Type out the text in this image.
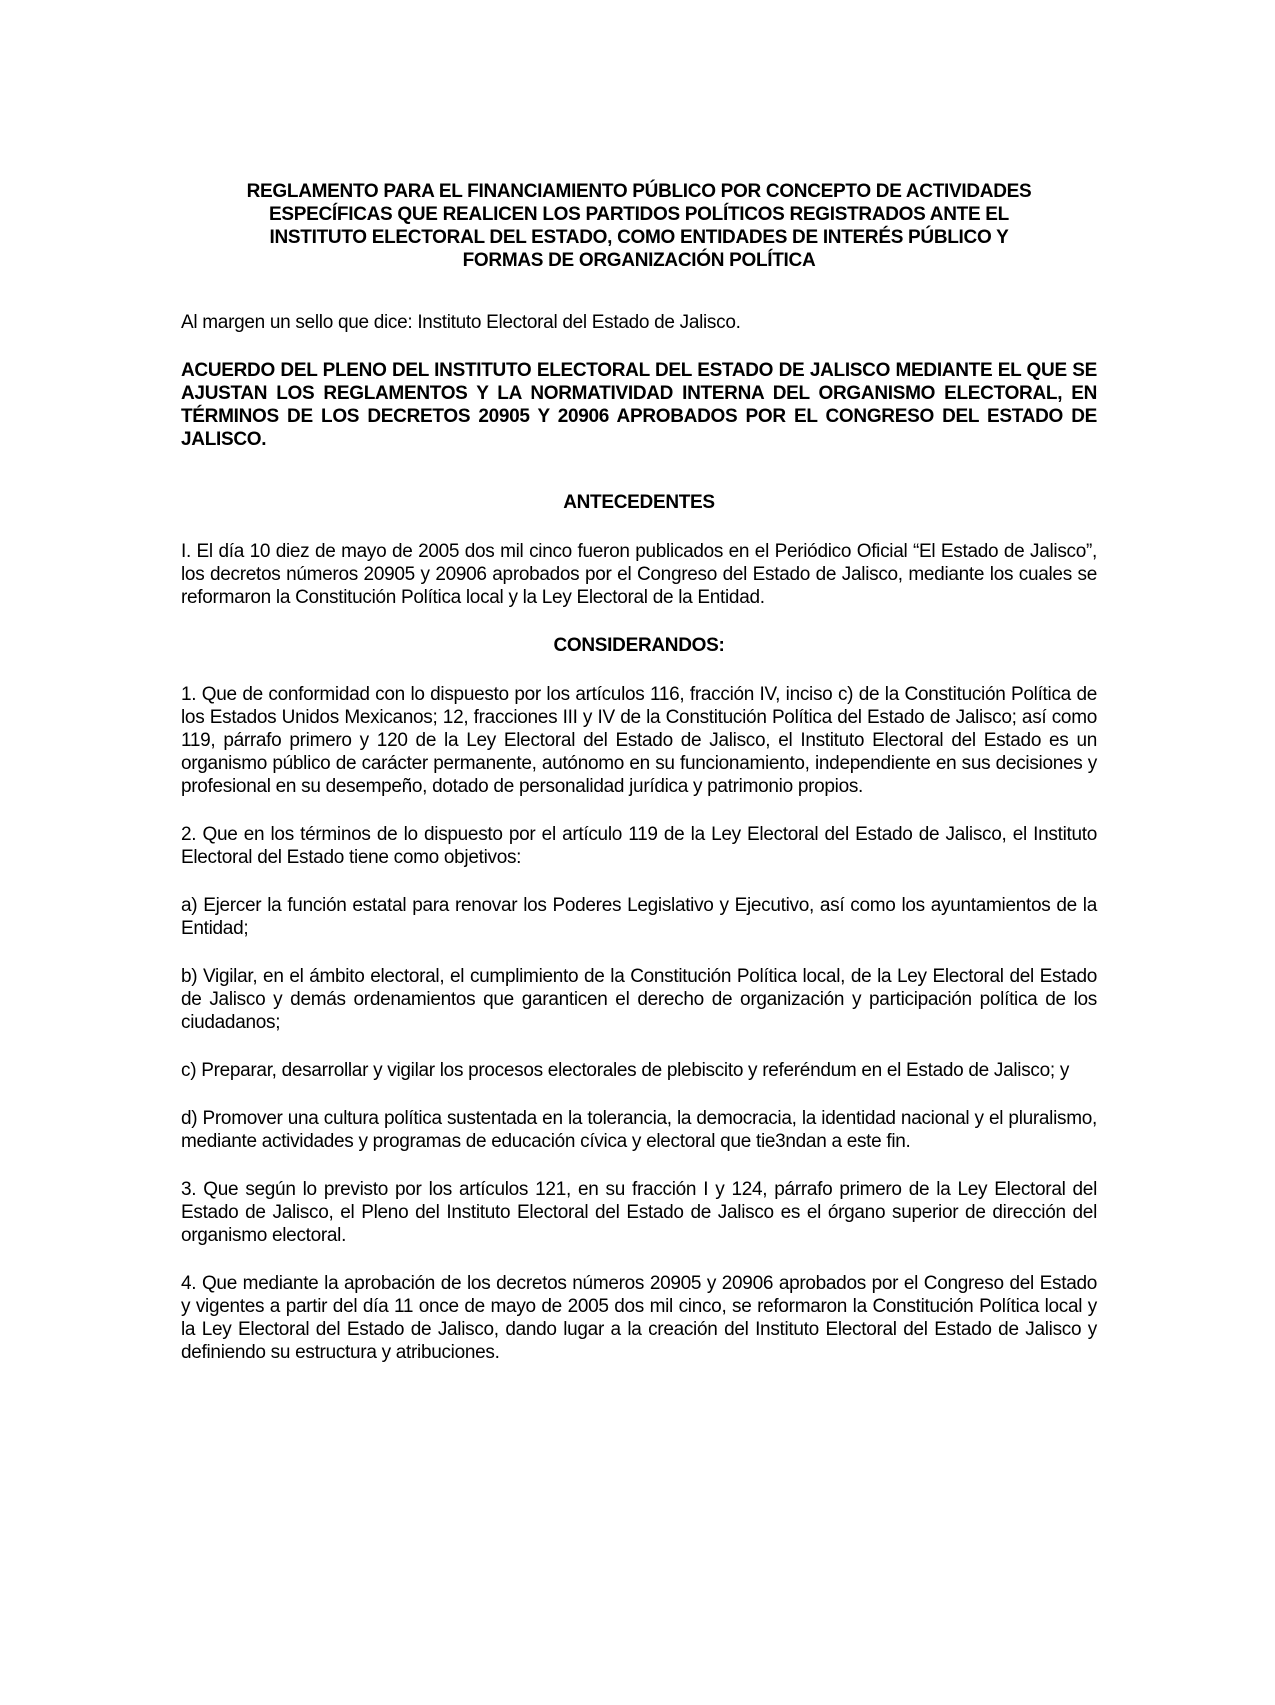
REGLAMENTO PARA EL FINANCIAMIENTO PÚBLICO POR CONCEPTO DE ACTIVIDADES
ESPECÍFICAS QUE REALICEN LOS PARTIDOS POLÍTICOS REGISTRADOS ANTE EL
INSTITUTO ELECTORAL DEL ESTADO, COMO ENTIDADES DE INTERÉS PÚBLICO Y
FORMAS DE ORGANIZACIÓN POLÍTICA

Al margen un sello que dice: Instituto Electoral del Estado de Jalisco.

ACUERDO DEL PLENO DEL INSTITUTO ELECTORAL DEL ESTADO DE JALISCO MEDIANTE EL QUE SE AJUSTAN LOS REGLAMENTOS Y LA NORMATIVIDAD INTERNA DEL ORGANISMO ELECTORAL, EN TÉRMINOS DE LOS DECRETOS 20905 Y 20906 APROBADOS POR EL CONGRESO DEL ESTADO DE JALISCO.

ANTECEDENTES

I. El día 10 diez de mayo de 2005 dos mil cinco fueron publicados en el Periódico Oficial “El Estado de Jalisco”, los decretos números 20905 y 20906 aprobados por el Congreso del Estado de Jalisco, mediante los cuales se reformaron la Constitución Política local y la Ley Electoral de la Entidad.

CONSIDERANDOS:

1. Que de conformidad con lo dispuesto por los artículos 116, fracción IV, inciso c) de la Constitución Política de los Estados Unidos Mexicanos; 12, fracciones III y IV de la Constitución Política del Estado de Jalisco; así como 119, párrafo primero y 120 de la Ley Electoral del Estado de Jalisco, el Instituto Electoral del Estado es un organismo público de carácter permanente, autónomo en su funcionamiento, independiente en sus decisiones y profesional en su desempeño, dotado de personalidad jurídica y patrimonio propios.

2. Que en los términos de lo dispuesto por el artículo 119 de la Ley Electoral del Estado de Jalisco, el Instituto Electoral del Estado tiene como objetivos:

a) Ejercer la función estatal para renovar los Poderes Legislativo y Ejecutivo, así como los ayuntamientos de la Entidad;

b) Vigilar, en el ámbito electoral, el cumplimiento de la Constitución Política local, de la Ley Electoral del Estado de Jalisco y demás ordenamientos que garanticen el derecho de organización y participación política de los ciudadanos;

c) Preparar, desarrollar y vigilar los procesos electorales de plebiscito y referéndum en el Estado de Jalisco; y

d) Promover una cultura política sustentada en la tolerancia, la democracia, la identidad nacional y el pluralismo, mediante actividades y programas de educación cívica y electoral que tie3ndan a este fin.

3. Que según lo previsto por los artículos 121, en su fracción I y 124, párrafo primero de la Ley Electoral del Estado de Jalisco, el Pleno del Instituto Electoral del Estado de Jalisco es el órgano superior de dirección del organismo electoral.

4. Que mediante la aprobación de los decretos números 20905 y 20906 aprobados por el Congreso del Estado y vigentes a partir del día 11 once de mayo de 2005 dos mil cinco, se reformaron la Constitución Política local y la Ley Electoral del Estado de Jalisco, dando lugar a la creación del Instituto Electoral del Estado de Jalisco y definiendo su estructura y atribuciones.
